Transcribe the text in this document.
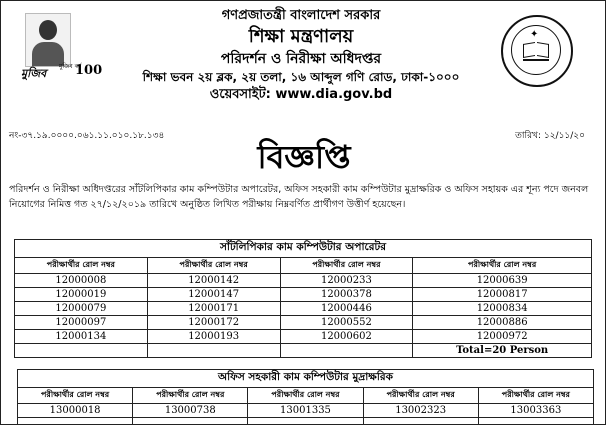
মুজিব
মুজিব বর্ষ
100
✦
গণপ্রজাতন্ত্রী বাংলাদেশ সরকার
শিক্ষা মন্ত্রণালয়
পরিদর্শন ও নিরীক্ষা অধিদপ্তর
শিক্ষা ভবন ২য় ব্লক, ২য় তলা, ১৬ আব্দুল গণি রোড, ঢাকা-১০০০
ওয়েবসাইট: www.dia.gov.bd
নং-৩৭.১৯.০০০০.০৬১.১১.০১০.১৮.১৩৪	তারিখ: ১২/১১/২০
বিজ্ঞপ্তি
পরিদর্শন ও নিরীক্ষা অধিদপ্তরের সাঁটলিপিকার কাম কম্পিউটার অপারেটর, অফিস সহকারী কাম কম্পিউটার মুদ্রাক্ষরিক ও অফিস সহায়ক এর শূন্য পদে জনবল নিয়োগের নিমিত্ত গত ২৭/১২/২০১৯ তারিখে অনুষ্ঠিত লিখিত পরীক্ষায় নিম্নবর্ণিত প্রার্থীগণ উত্তীর্ণ হয়েছেন।
সাঁটলিপিকার কাম কম্পিউটার অপারেটর			
পরীক্ষার্থীর রোল নম্বর	পরীক্ষার্থীর রোল নম্বর	পরীক্ষার্থীর রোল নম্বর	পরীক্ষার্থীর রোল নম্বর
12000008	12000142	12000233	12000639
12000019	12000147	12000378	12000817
12000079	12000171	12000446	12000834
12000097	12000172	12000552	12000886
12000134	12000193	12000602	12000972
			Total=20 Person
অফিস সহকারী কাম কম্পিউটার মুদ্রাক্ষরিক				
পরীক্ষার্থীর রোল নম্বর	পরীক্ষার্থীর রোল নম্বর	পরীক্ষার্থীর রোল নম্বর	পরীক্ষার্থীর রোল নম্বর	পরীক্ষার্থীর রোল নম্বর
13000018	13000738	13001335	13002323	13003363
